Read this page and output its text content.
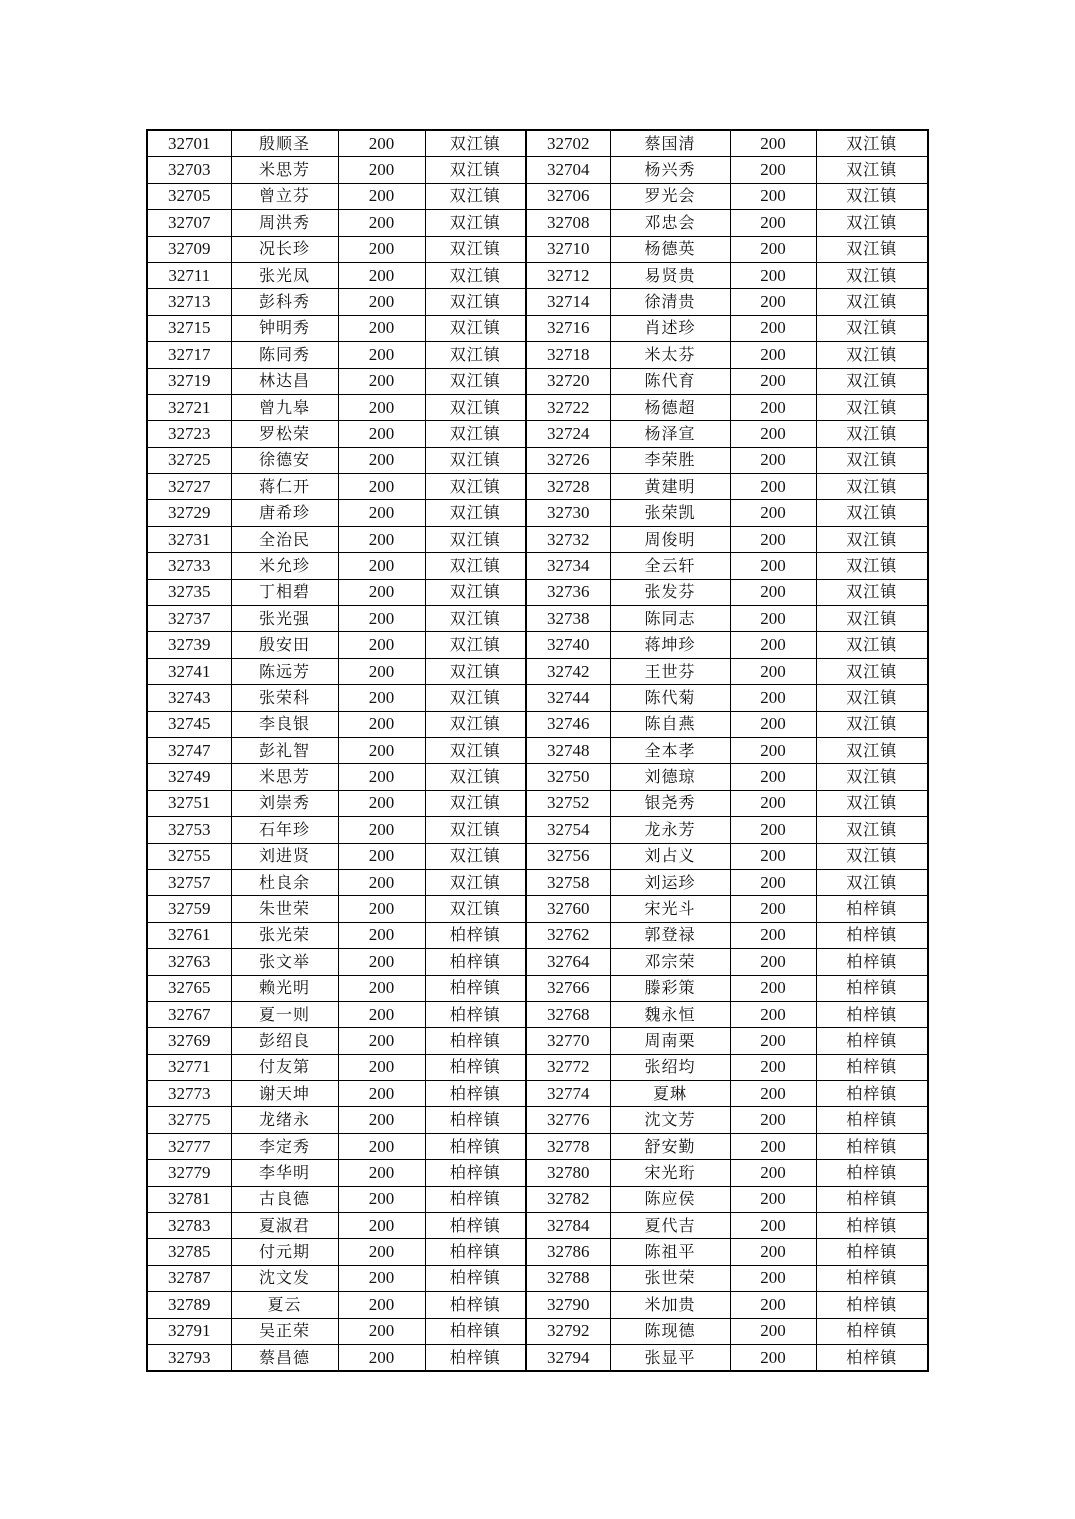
32701	殷顺圣	200	双江镇	32702	蔡国清	200	双江镇
32703	米思芳	200	双江镇	32704	杨兴秀	200	双江镇
32705	曾立芬	200	双江镇	32706	罗光会	200	双江镇
32707	周洪秀	200	双江镇	32708	邓忠会	200	双江镇
32709	况长珍	200	双江镇	32710	杨德英	200	双江镇
32711	张光凤	200	双江镇	32712	易贤贵	200	双江镇
32713	彭科秀	200	双江镇	32714	徐清贵	200	双江镇
32715	钟明秀	200	双江镇	32716	肖述珍	200	双江镇
32717	陈同秀	200	双江镇	32718	米太芬	200	双江镇
32719	林达昌	200	双江镇	32720	陈代育	200	双江镇
32721	曾九皋	200	双江镇	32722	杨德超	200	双江镇
32723	罗松荣	200	双江镇	32724	杨泽宣	200	双江镇
32725	徐德安	200	双江镇	32726	李荣胜	200	双江镇
32727	蒋仁开	200	双江镇	32728	黄建明	200	双江镇
32729	唐希珍	200	双江镇	32730	张荣凯	200	双江镇
32731	全治民	200	双江镇	32732	周俊明	200	双江镇
32733	米允珍	200	双江镇	32734	全云轩	200	双江镇
32735	丁相碧	200	双江镇	32736	张发芬	200	双江镇
32737	张光强	200	双江镇	32738	陈同志	200	双江镇
32739	殷安田	200	双江镇	32740	蒋坤珍	200	双江镇
32741	陈远芳	200	双江镇	32742	王世芬	200	双江镇
32743	张荣科	200	双江镇	32744	陈代菊	200	双江镇
32745	李良银	200	双江镇	32746	陈自燕	200	双江镇
32747	彭礼智	200	双江镇	32748	全本孝	200	双江镇
32749	米思芳	200	双江镇	32750	刘德琼	200	双江镇
32751	刘崇秀	200	双江镇	32752	银尧秀	200	双江镇
32753	石年珍	200	双江镇	32754	龙永芳	200	双江镇
32755	刘进贤	200	双江镇	32756	刘占义	200	双江镇
32757	杜良余	200	双江镇	32758	刘运珍	200	双江镇
32759	朱世荣	200	双江镇	32760	宋光斗	200	柏梓镇
32761	张光荣	200	柏梓镇	32762	郭登禄	200	柏梓镇
32763	张文举	200	柏梓镇	32764	邓宗荣	200	柏梓镇
32765	赖光明	200	柏梓镇	32766	滕彩策	200	柏梓镇
32767	夏一则	200	柏梓镇	32768	魏永恒	200	柏梓镇
32769	彭绍良	200	柏梓镇	32770	周南栗	200	柏梓镇
32771	付友第	200	柏梓镇	32772	张绍均	200	柏梓镇
32773	谢天坤	200	柏梓镇	32774	夏琳	200	柏梓镇
32775	龙绪永	200	柏梓镇	32776	沈文芳	200	柏梓镇
32777	李定秀	200	柏梓镇	32778	舒安勤	200	柏梓镇
32779	李华明	200	柏梓镇	32780	宋光珩	200	柏梓镇
32781	古良德	200	柏梓镇	32782	陈应侯	200	柏梓镇
32783	夏淑君	200	柏梓镇	32784	夏代吉	200	柏梓镇
32785	付元期	200	柏梓镇	32786	陈祖平	200	柏梓镇
32787	沈文发	200	柏梓镇	32788	张世荣	200	柏梓镇
32789	夏云	200	柏梓镇	32790	米加贵	200	柏梓镇
32791	吴正荣	200	柏梓镇	32792	陈现德	200	柏梓镇
32793	蔡昌德	200	柏梓镇	32794	张显平	200	柏梓镇
